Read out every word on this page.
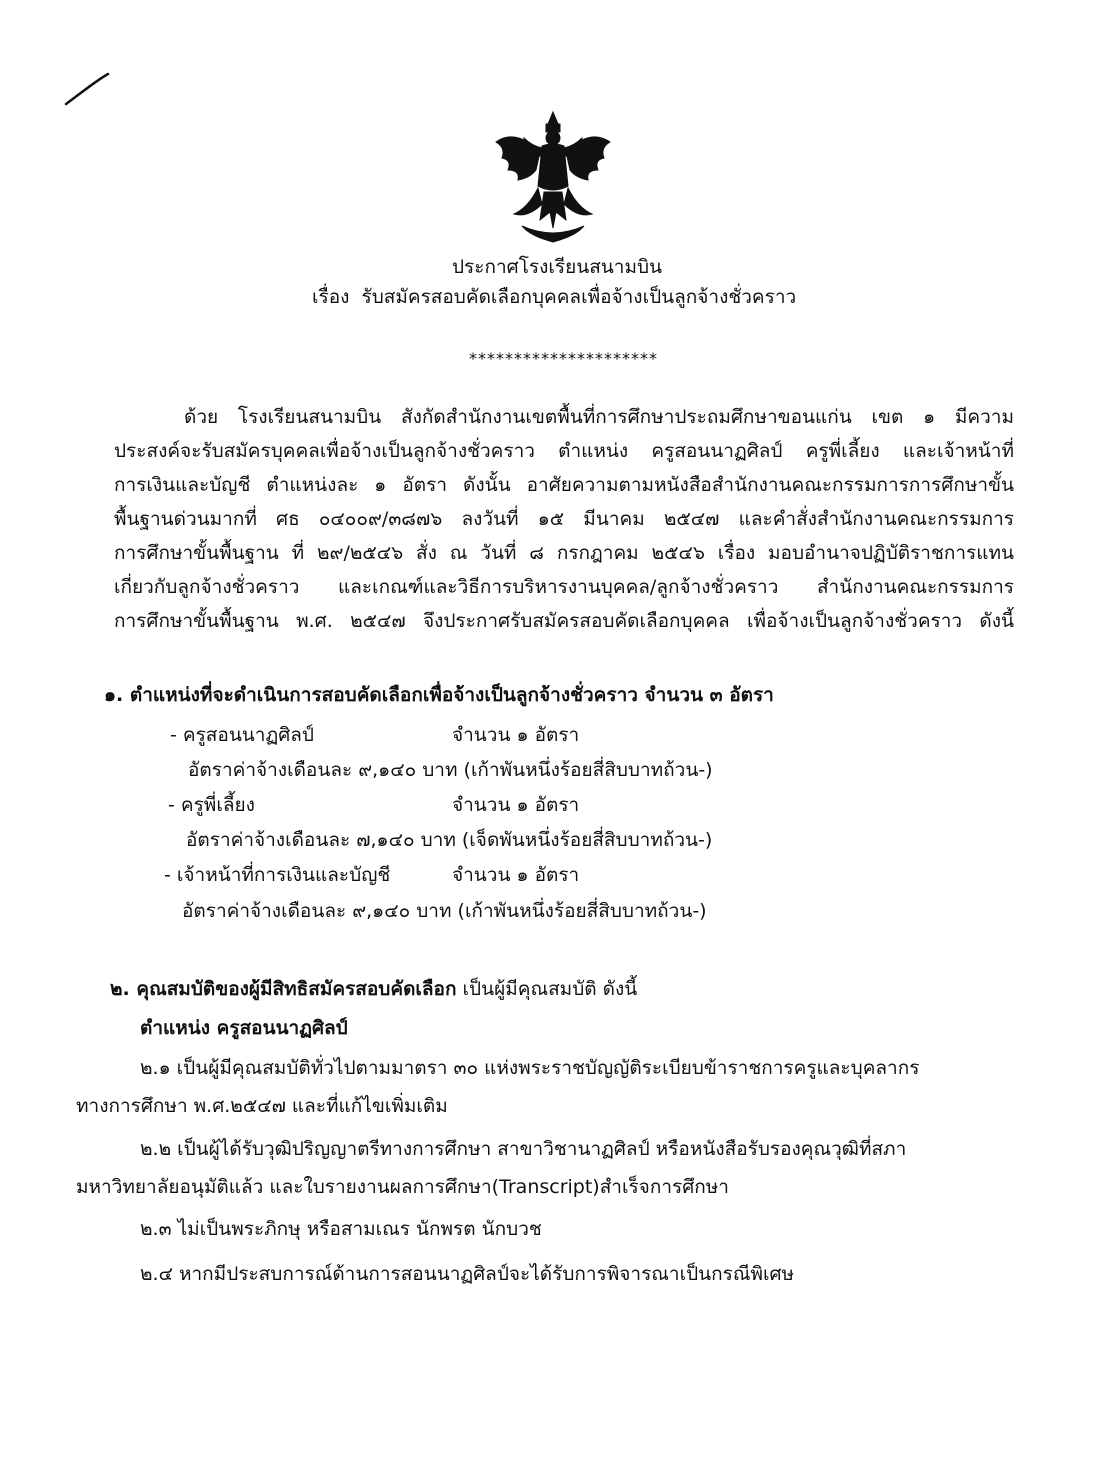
ประกาศโรงเรียนสนามบิน
เรื่อง รับสมัครสอบคัดเลือกบุคคลเพื่อจ้างเป็นลูกจ้างชั่วคราว
*********************
ด้วย โรงเรียนสนามบิน สังกัดสำนักงานเขตพื้นที่การศึกษาประถมศึกษาขอนแก่น เขต ๑ มีความ
ประสงค์จะรับสมัครบุคคลเพื่อจ้างเป็นลูกจ้างชั่วคราว ตำแหน่ง ครูสอนนาฏศิลป์ ครูพี่เลี้ยง และเจ้าหน้าที่
การเงินและบัญชี ตำแหน่งละ ๑ อัตรา ดังนั้น อาศัยความตามหนังสือสำนักงานคณะกรรมการการศึกษาขั้น
พื้นฐานด่วนมากที่ ศธ ๐๔๐๐๙/๓๘๗๖ ลงวันที่ ๑๕ มีนาคม ๒๕๔๗ และคำสั่งสำนักงานคณะกรรมการ
การศึกษาขั้นพื้นฐาน ที่ ๒๙/๒๕๔๖ สั่ง ณ วันที่ ๘ กรกฎาคม ๒๕๔๖ เรื่อง มอบอำนาจปฏิบัติราชการแทน
เกี่ยวกับลูกจ้างชั่วคราว และเกณฑ์และวิธีการบริหารงานบุคคล/ลูกจ้างชั่วคราว สำนักงานคณะกรรมการ
การศึกษาขั้นพื้นฐาน พ.ศ. ๒๕๔๗ จึงประกาศรับสมัครสอบคัดเลือกบุคคล เพื่อจ้างเป็นลูกจ้างชั่วคราว ดังนี้
๑. ตำแหน่งที่จะดำเนินการสอบคัดเลือกเพื่อจ้างเป็นลูกจ้างชั่วคราว จำนวน ๓ อัตรา
- ครูสอนนาฏศิลป์	จำนวน ๑ อัตรา
อัตราค่าจ้างเดือนละ ๙,๑๔๐ บาท (เก้าพันหนึ่งร้อยสี่สิบบาทถ้วน-)
- ครูพี่เลี้ยง	จำนวน ๑ อัตรา
อัตราค่าจ้างเดือนละ ๗,๑๔๐ บาท (เจ็ดพันหนึ่งร้อยสี่สิบบาทถ้วน-)
- เจ้าหน้าที่การเงินและบัญชี	จำนวน ๑ อัตรา
อัตราค่าจ้างเดือนละ ๙,๑๔๐ บาท (เก้าพันหนึ่งร้อยสี่สิบบาทถ้วน-)
๒. คุณสมบัติของผู้มีสิทธิสมัครสอบคัดเลือก เป็นผู้มีคุณสมบัติ ดังนี้
ตำแหน่ง ครูสอนนาฏศิลป์
๒.๑ เป็นผู้มีคุณสมบัติทั่วไปตามมาตรา ๓๐ แห่งพระราชบัญญัติระเบียบข้าราชการครูและบุคลากร
ทางการศึกษา พ.ศ.๒๕๔๗ และที่แก้ไขเพิ่มเติม
๒.๒ เป็นผู้ได้รับวุฒิปริญญาตรีทางการศึกษา สาขาวิชานาฏศิลป์ หรือหนังสือรับรองคุณวุฒิที่สภา
มหาวิทยาลัยอนุมัติแล้ว และใบรายงานผลการศึกษา(Transcript)สำเร็จการศึกษา
๒.๓ ไม่เป็นพระภิกษุ หรือสามเณร นักพรต นักบวช
๒.๔ หากมีประสบการณ์ด้านการสอนนาฏศิลป์จะได้รับการพิจารณาเป็นกรณีพิเศษ
